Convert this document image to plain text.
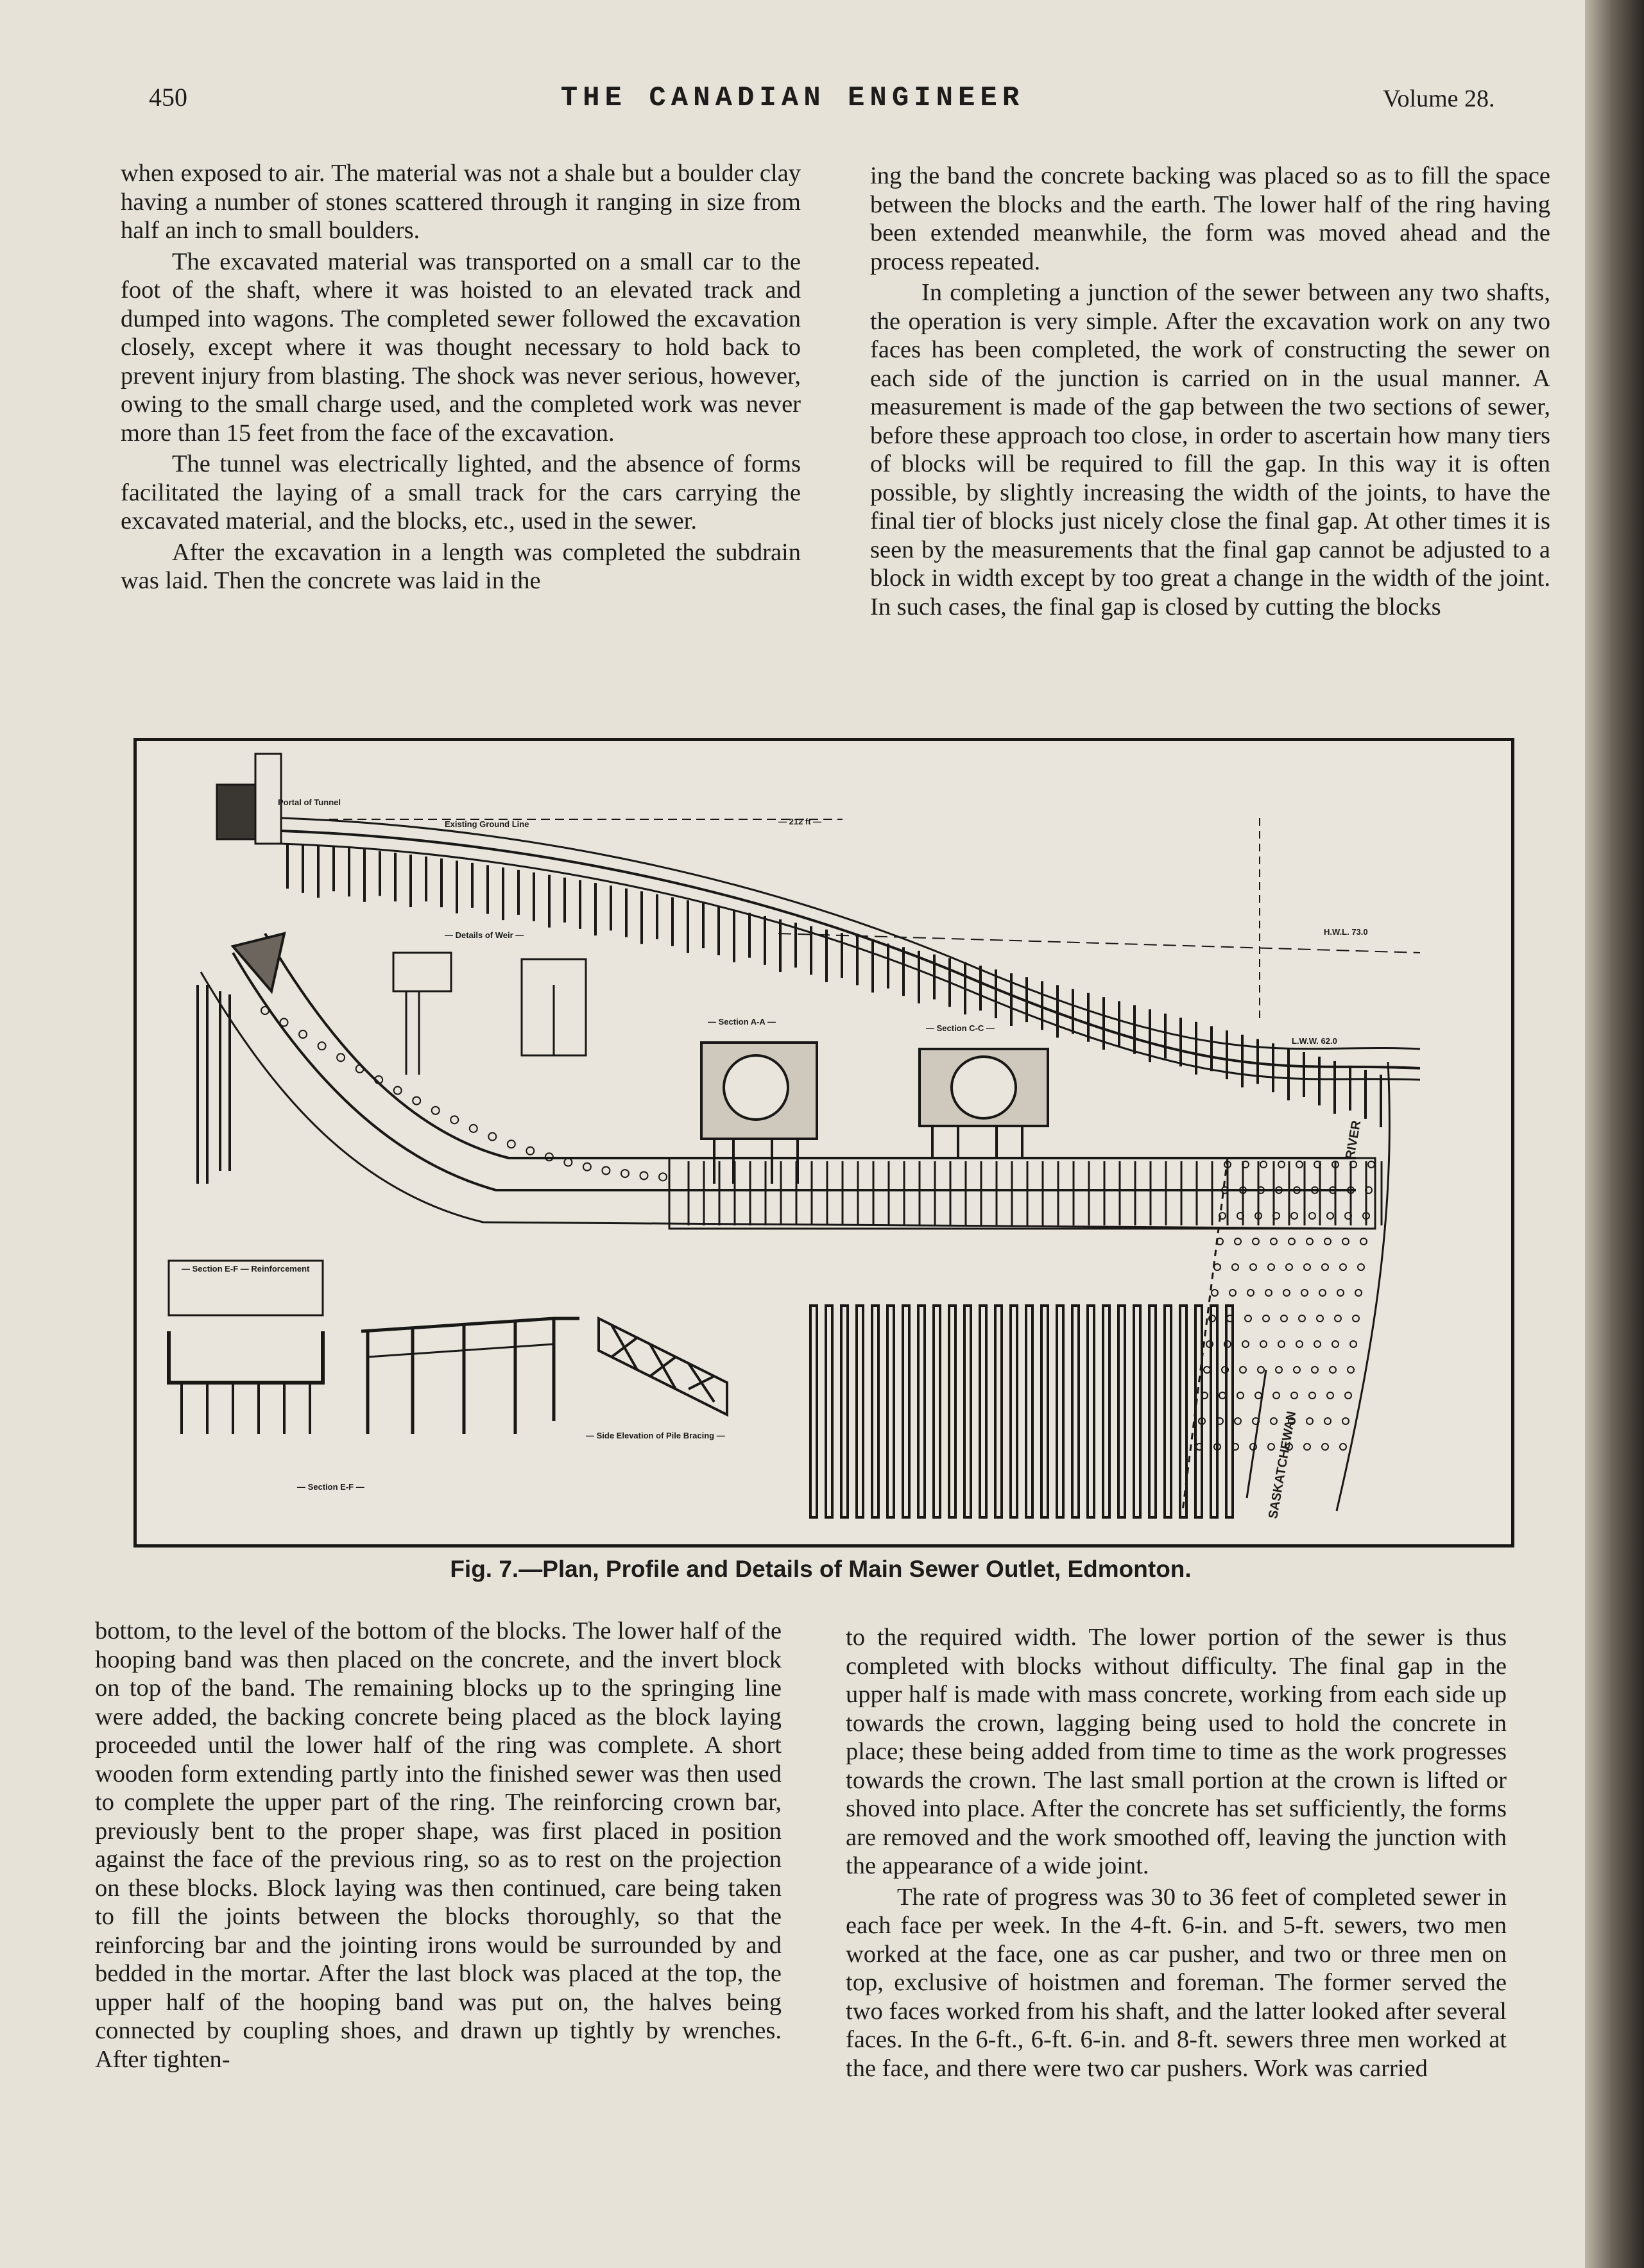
450	THE CANADIAN ENGINEER	Volume 28.

when exposed to air. The material was not a shale but a boulder clay having a number of stones scattered through it ranging in size from half an inch to small boulders.

The excavated material was transported on a small car to the foot of the shaft, where it was hoisted to an elevated track and dumped into wagons. The completed sewer followed the excavation closely, except where it was thought necessary to hold back to prevent injury from blasting. The shock was never serious, however, owing to the small charge used, and the completed work was never more than 15 feet from the face of the excavation.

The tunnel was electrically lighted, and the absence of forms facilitated the laying of a small track for the cars carrying the excavated material, and the blocks, etc., used in the sewer.

After the excavation in a length was completed the subdrain was laid. Then the concrete was laid in the

ing the band the concrete backing was placed so as to fill the space between the blocks and the earth. The lower half of the ring having been extended meanwhile, the form was moved ahead and the process repeated.

In completing a junction of the sewer between any two shafts, the operation is very simple. After the excavation work on any two faces has been completed, the work of constructing the sewer on each side of the junction is carried on in the usual manner. A measurement is made of the gap between the two sections of sewer, before these approach too close, in order to ascertain how many tiers of blocks will be required to fill the gap. In this way it is often possible, by slightly increasing the width of the joints, to have the final tier of blocks just nicely close the final gap. At other times it is seen by the measurements that the final gap cannot be adjusted to a block in width except by too great a change in the width of the joint. In such cases, the final gap is closed by cutting the blocks

Portal of Tunnel
Existing Ground Line	— 212 ft —
H.W.L. 73.0
L.W.W. 62.0
— Details of Weir —
— Section A-A —
— Section C-C —
— Section E-F — Reinforcement
— Section E-F —
— Side Elevation of Pile Bracing —
RIVER
SASKATCHEWAN
Fig. 7.—Plan, Profile and Details of Main Sewer Outlet, Edmonton.

bottom, to the level of the bottom of the blocks. The lower half of the hooping band was then placed on the concrete, and the invert block on top of the band. The remaining blocks up to the springing line were added, the backing concrete being placed as the block laying proceeded until the lower half of the ring was complete. A short wooden form extending partly into the finished sewer was then used to complete the upper part of the ring. The reinforcing crown bar, previously bent to the proper shape, was first placed in position against the face of the previous ring, so as to rest on the projection on these blocks. Block laying was then continued, care being taken to fill the joints between the blocks thoroughly, so that the reinforcing bar and the jointing irons would be surrounded by and bedded in the mortar. After the last block was placed at the top, the upper half of the hooping band was put on, the halves being connected by coupling shoes, and drawn up tightly by wrenches. After tighten-

to the required width. The lower portion of the sewer is thus completed with blocks without difficulty. The final gap in the upper half is made with mass concrete, working from each side up towards the crown, lagging being used to hold the concrete in place; these being added from time to time as the work progresses towards the crown. The last small portion at the crown is lifted or shoved into place. After the concrete has set sufficiently, the forms are removed and the work smoothed off, leaving the junction with the appearance of a wide joint.

The rate of progress was 30 to 36 feet of completed sewer in each face per week. In the 4-ft. 6-in. and 5-ft. sewers, two men worked at the face, one as car pusher, and two or three men on top, exclusive of hoistmen and foreman. The former served the two faces worked from his shaft, and the latter looked after several faces. In the 6-ft., 6-ft. 6-in. and 8-ft. sewers three men worked at the face, and there were two car pushers. Work was carried
